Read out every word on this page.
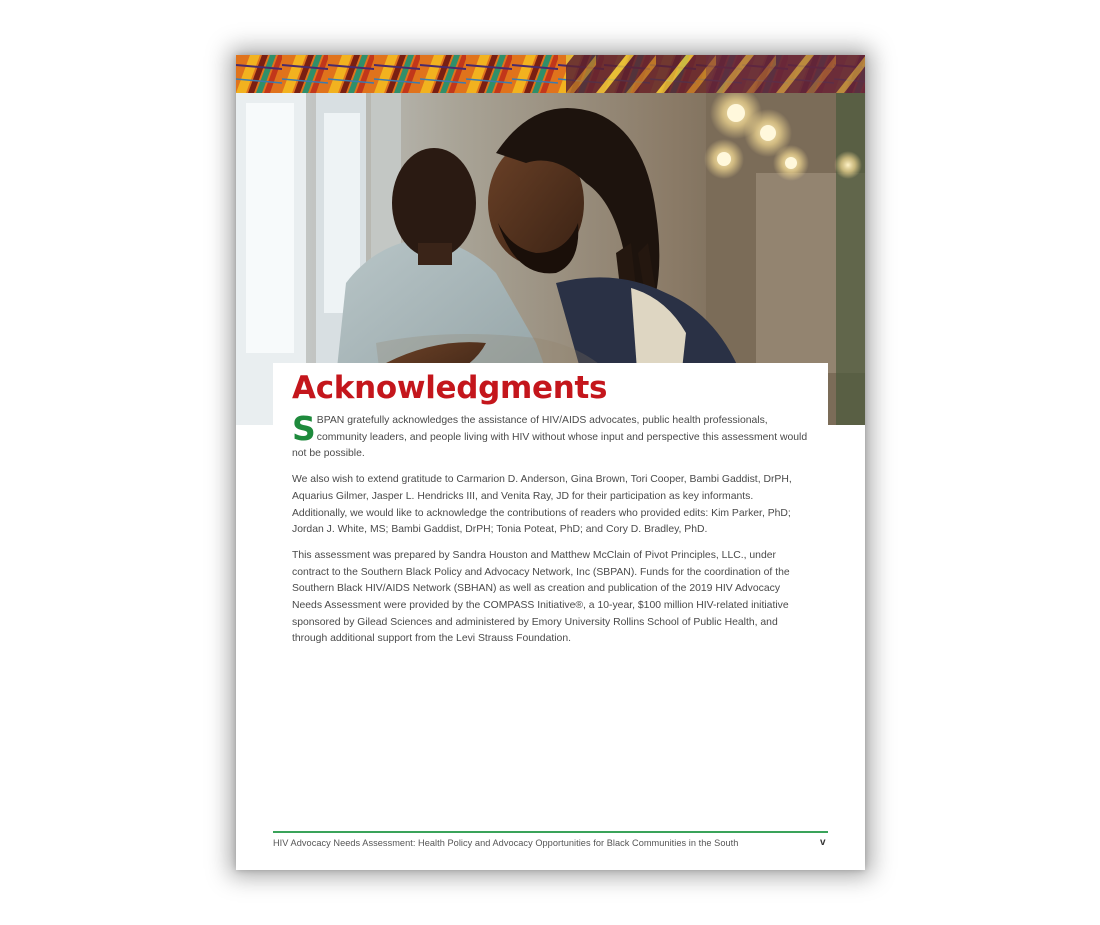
Acknowledgments

SBPAN gratefully acknowledges the assistance of HIV/AIDS advocates, public health professionals, community leaders, and people living with HIV without whose input and perspective this assessment would not be possible.

We also wish to extend gratitude to Carmarion D. Anderson, Gina Brown, Tori Cooper, Bambi Gaddist, DrPH, Aquarius Gilmer, Jasper L. Hendricks III, and Venita Ray, JD for their participation as key informants. Additionally, we would like to acknowledge the contributions of readers who provided edits: Kim Parker, PhD; Jordan J. White, MS; Bambi Gaddist, DrPH; Tonia Poteat, PhD; and Cory D. Bradley, PhD.

This assessment was prepared by Sandra Houston and Matthew McClain of Pivot Principles, LLC., under contract to the Southern Black Policy and Advocacy Network, Inc (SBPAN). Funds for the coordination of the Southern Black HIV/AIDS Network (SBHAN) as well as creation and publication of the 2019 HIV Advocacy Needs Assessment were provided by the COMPASS Initiative®, a 10-year, $100 million HIV-related initiative sponsored by Gilead Sciences and administered by Emory University Rollins School of Public Health, and through additional support from the Levi Strauss Foundation.

HIV Advocacy Needs Assessment: Health Policy and Advocacy Opportunities for Black Communities in the South	v
